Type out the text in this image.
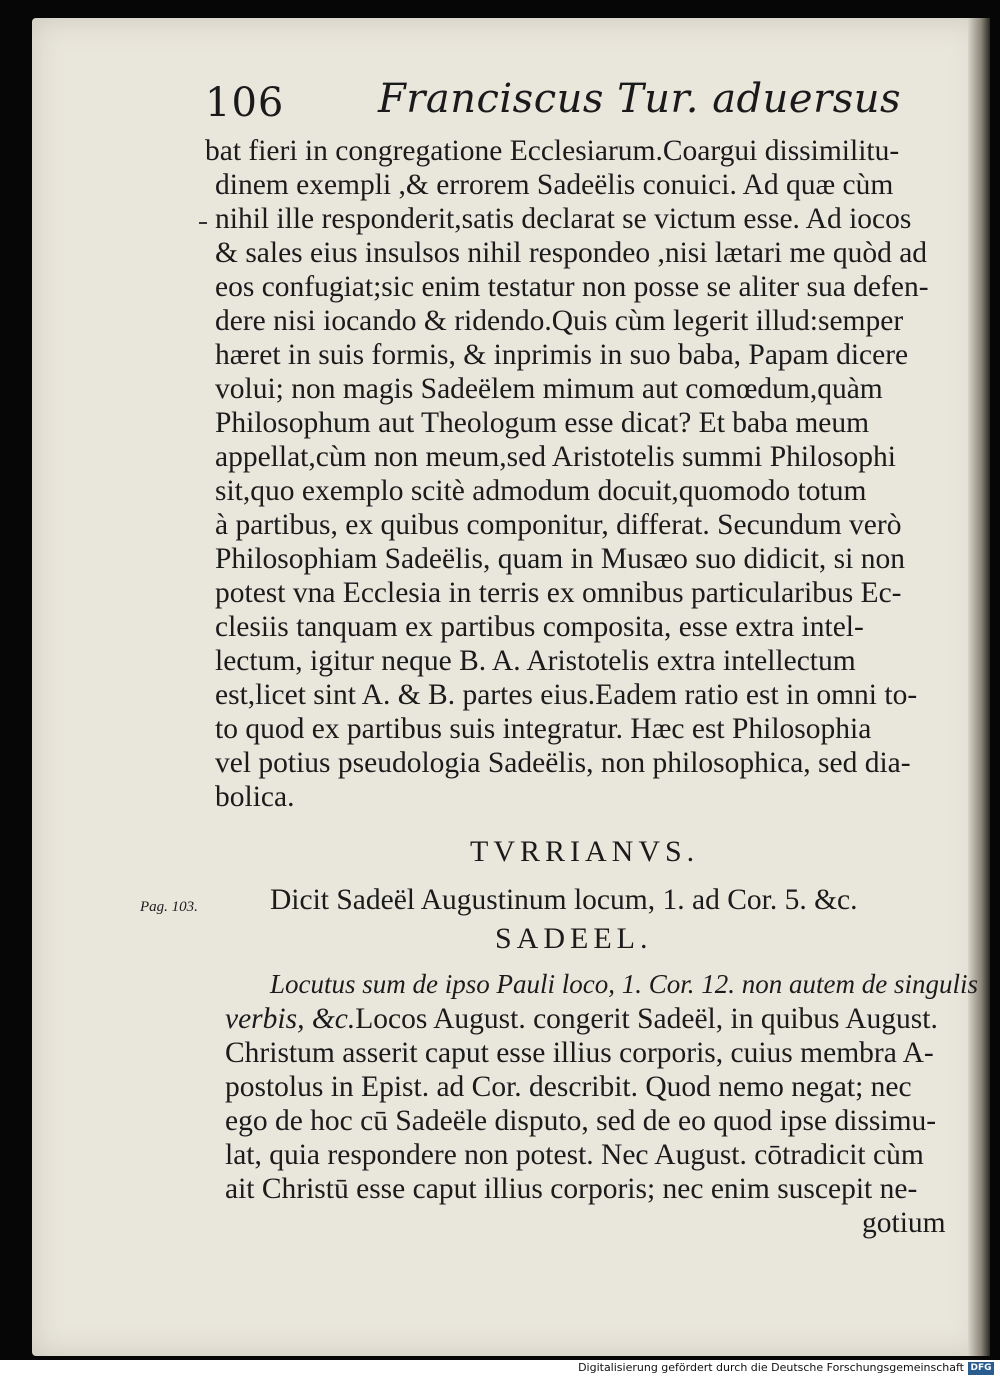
106 Franciscus Tur. aduersus
bat fieri in congregatione Ecclesiarum.Coargui dissimilitu-
dinem exempli ,& errorem Sadeëlis conuici. Ad quæ cùm
nihil ille responderit,satis declarat se victum esse. Ad iocos
& sales eius insulsos nihil respondeo ,nisi lætari me quòd ad
eos confugiat;sic enim testatur non posse se aliter sua defen-
dere nisi iocando & ridendo.Quis cùm legerit illud:semper
hæret in suis formis, & inprimis in suo baba, Papam dicere
volui; non magis Sadeëlem mimum aut comœdum,quàm
Philosophum aut Theologum esse dicat? Et baba meum
appellat,cùm non meum,sed Aristotelis summi Philosophi
sit,quo exemplo scitè admodum docuit,quomodo totum
à partibus, ex quibus componitur, differat. Secundum verò
Philosophiam Sadeëlis, quam in Musæo suo didicit, si non
potest vna Ecclesia in terris ex omnibus particularibus Ec-
clesiis tanquam ex partibus composita, esse extra intel-
lectum, igitur neque B. A. Aristotelis extra intellectum
est,licet sint A. & B. partes eius.Eadem ratio est in omni to-
to quod ex partibus suis integratur. Hæc est Philosophia
vel potius pseudologia Sadeëlis, non philosophica, sed dia-
bolica.
TVRRIANVS.
Pag. 103. Dicit Sadeël Augustinum locum, 1. ad Cor. 5. &c.
SADEEL.
Locutus sum de ipso Pauli loco, 1. Cor. 12. non autem de singulis
verbis, &c.Locos August. congerit Sadeël, in quibus August.
Christum asserit caput esse illius corporis, cuius membra A-
postolus in Epist. ad Cor. describit. Quod nemo negat; nec
ego de hoc cū Sadeële disputo, sed de eo quod ipse dissimu-
lat, quia respondere non potest. Nec August. cōtradicit cùm
ait Christū esse caput illius corporis; nec enim suscepit ne-
gotium
Digitalisierung gefördert durch die Deutsche Forschungsgemeinschaft DFG
